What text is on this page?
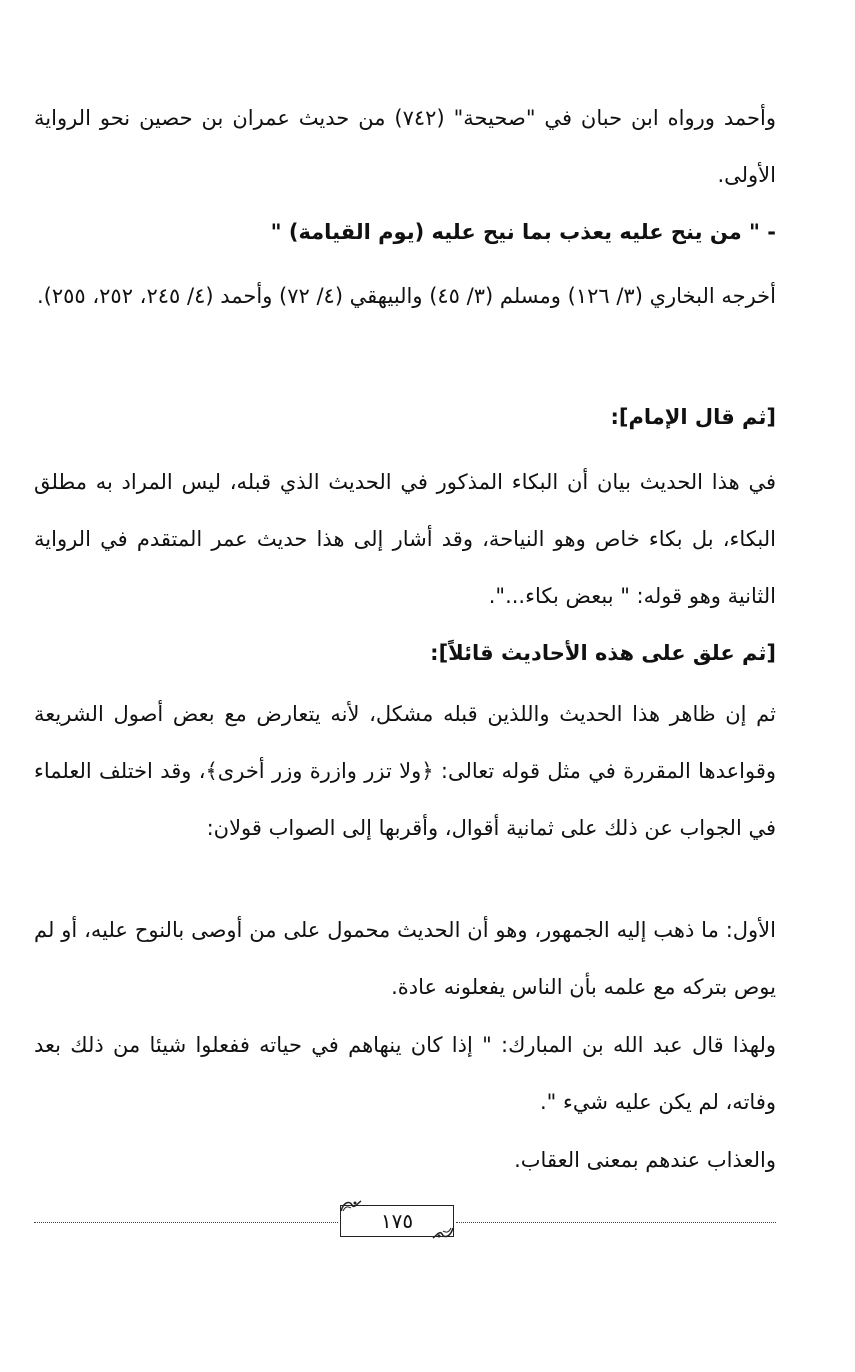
وأحمد ورواه ابن حبان في "صحيحة" (٧٤٢) من حديث عمران بن حصين نحو الرواية الأولى.

- " من ينح عليه يعذب بما نيح عليه (يوم القيامة) "

أخرجه البخاري (٣/ ١٢٦) ومسلم (٣/ ٤٥) والبيهقي (٤/ ٧٢) وأحمد (٤/ ٢٤٥، ٢٥٢، ٢٥٥).

[ثم قال الإمام]:

في هذا الحديث بيان أن البكاء المذكور في الحديث الذي قبله، ليس المراد به مطلق البكاء، بل بكاء خاص وهو النياحة، وقد أشار إلى هذا حديث عمر المتقدم في الرواية الثانية وهو قوله: " ببعض بكاء...".

[ثم علق على هذه الأحاديث قائلاً]:

ثم إن ظاهر هذا الحديث واللذين قبله مشكل، لأنه يتعارض مع بعض أصول الشريعة وقواعدها المقررة في مثل قوله تعالى: ﴿ولا تزر وازرة وزر أخرى﴾، وقد اختلف العلماء في الجواب عن ذلك على ثمانية أقوال، وأقربها إلى الصواب قولان:

الأول: ما ذهب إليه الجمهور، وهو أن الحديث محمول على من أوصى بالنوح عليه، أو لم يوص بتركه مع علمه بأن الناس يفعلونه عادة.

ولهذا قال عبد الله بن المبارك: " إذا كان ينهاهم في حياته ففعلوا شيئا من ذلك بعد وفاته، لم يكن عليه شيء ".

والعذاب عندهم بمعنى العقاب.

١٧٥
